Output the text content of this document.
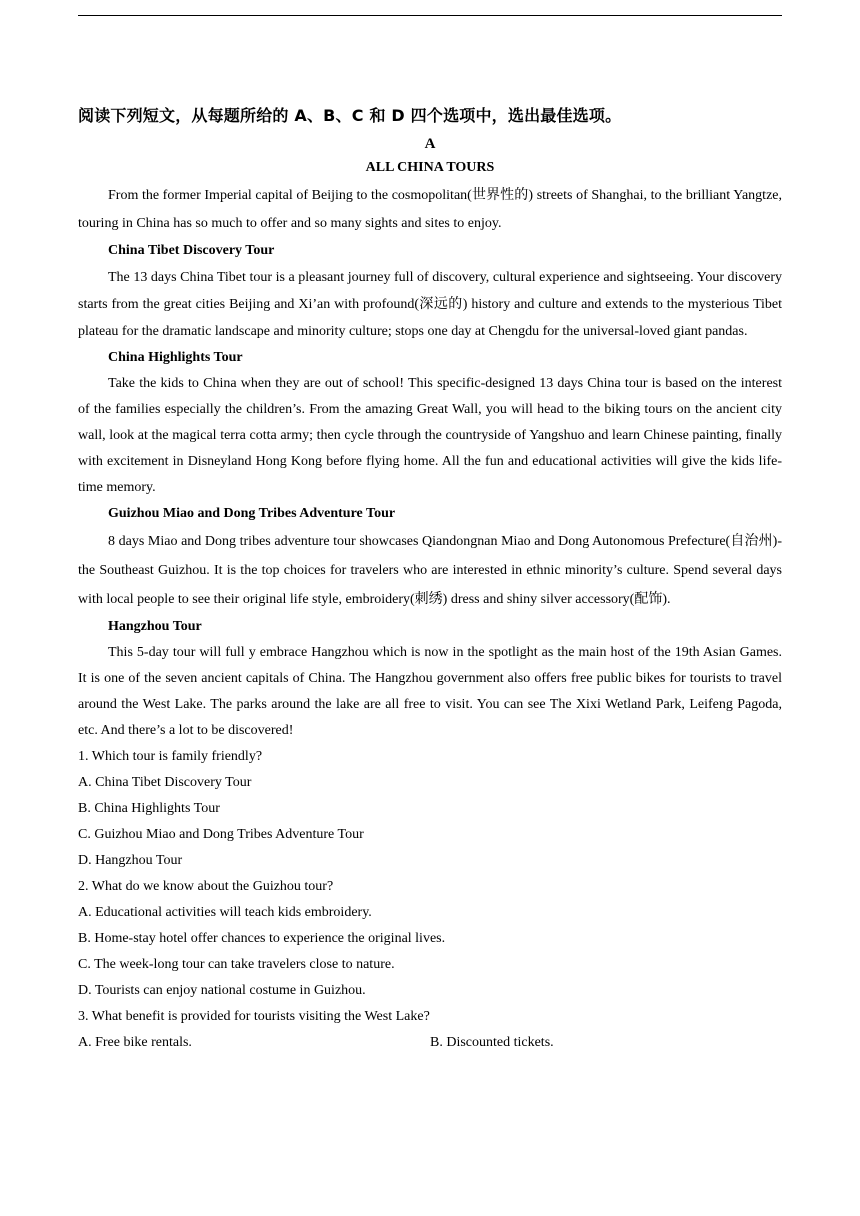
阅读下列短文，从每题所给的 A、B、C 和 D 四个选项中，选出最佳选项。

A

ALL CHINA TOURS

From the former Imperial capital of Beijing to the cosmopolitan(世界性的) streets of Shanghai, to the brilliant Yangtze, touring in China has so much to offer and so many sights and sites to enjoy.

China Tibet Discovery Tour

The 13 days China Tibet tour is a pleasant journey full of discovery, cultural experience and sightseeing. Your discovery starts from the great cities Beijing and Xi’an with profound(深远的) history and culture and extends to the mysterious Tibet plateau for the dramatic landscape and minority culture; stops one day at Chengdu for the universal-loved giant pandas.

China Highlights Tour

Take the kids to China when they are out of school! This specific-designed 13 days China tour is based on the interest of the families especially the children’s. From the amazing Great Wall, you will head to the biking tours on the ancient city wall, look at the magical terra cotta army; then cycle through the countryside of Yangshuo and learn Chinese painting, finally with excitement in Disneyland Hong Kong before flying home. All the fun and educational activities will give the kids life-time memory.

Guizhou Miao and Dong Tribes Adventure Tour

8 days Miao and Dong tribes adventure tour showcases Qiandongnan Miao and Dong Autonomous Prefecture(自治州)-the Southeast Guizhou. It is the top choices for travelers who are interested in ethnic minority’s culture. Spend several days with local people to see their original life style, embroidery(刺绣) dress and shiny silver accessory(配饰).

Hangzhou Tour

This 5-day tour will full y embrace Hangzhou which is now in the spotlight as the main host of the 19th Asian Games. It is one of the seven ancient capitals of China. The Hangzhou government also offers free public bikes for tourists to travel around the West Lake. The parks around the lake are all free to visit. You can see The Xixi Wetland Park, Leifeng Pagoda, etc. And there’s a lot to be discovered!

1. Which tour is family friendly?

A. China Tibet Discovery Tour

B. China Highlights Tour

C. Guizhou Miao and Dong Tribes Adventure Tour

D. Hangzhou Tour

2. What do we know about the Guizhou tour?

A. Educational activities will teach kids embroidery.

B. Home-stay hotel offer chances to experience the original lives.

C. The week-long tour can take travelers close to nature.

D. Tourists can enjoy national costume in Guizhou.

3. What benefit is provided for tourists visiting the West Lake?

A. Free bike rentals.	B. Discounted tickets.
